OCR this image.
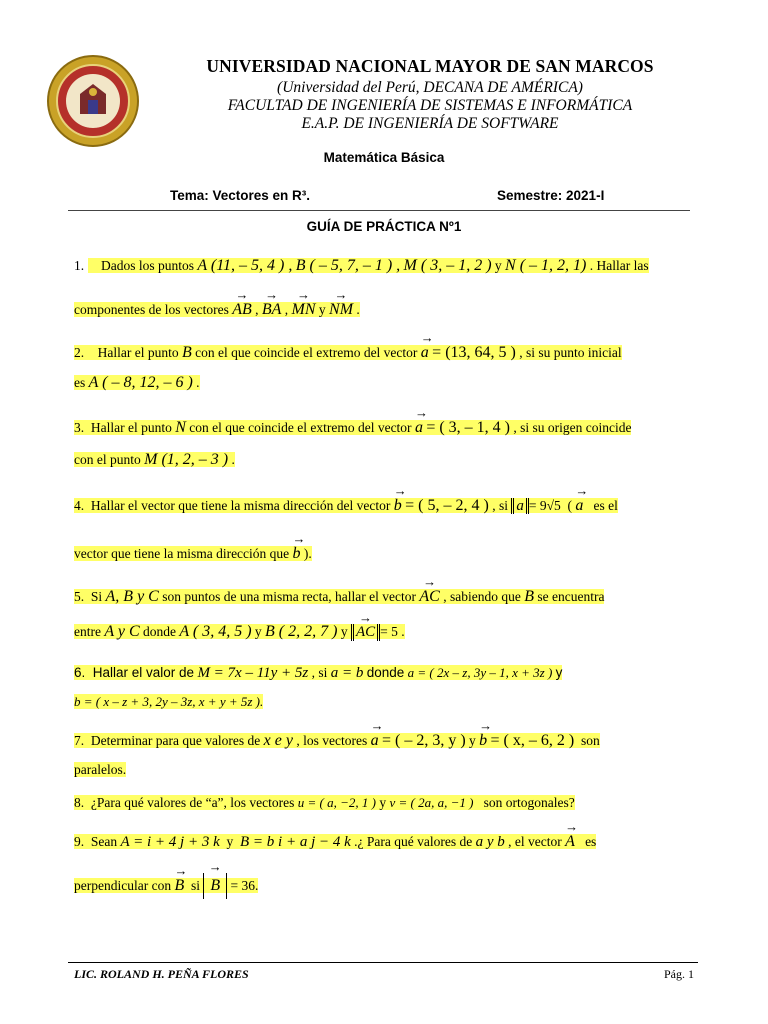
UNIVERSIDAD NACIONAL MAYOR DE SAN MARCOS
(Universidad del Perú, DECANA DE AMÉRICA)
FACULTAD DE INGENIERÍA DE SISTEMAS E INFORMÁTICA
E.A.P. DE INGENIERÍA DE SOFTWARE
Matemática Básica
Tema: Vectores en R³.	Semestre: 2021-I
GUÍA DE PRÁCTICA Nº1
1. Dados los puntos A (11, – 5, 4 ) , B ( – 5, 7, – 1 ) , M ( 3, – 1, 2 ) y N ( – 1, 2, 1) . Hallar las
componentes de los vectores → AB , → BA , → MN y → NM .
2.    Hallar el punto B con el que coincide el extremo del vector → a = (13, 64, 5 ) , si su punto inicial
es A ( – 8, 12, – 6 ) .
3.  Hallar el punto N con el que coincide el extremo del vector → a = ( 3, – 1, 4 ) , si su origen coincide
con el punto M (1, 2, – 3 ) .
4.  Hallar el vector que tiene la misma dirección del vector → b = ( 5, – 2, 4 ) , si a = 9√5 ( → a es el
vector que tiene la misma dirección que → b ).
5.  Si A, B y C son puntos de una misma recta, hallar el vector → AC , sabiendo que B se encuentra
entre A y C donde A ( 3, 4, 5 ) y B ( 2, 2, 7 ) y → AC = 5 .
6.  Hallar el valor de M = 7x – 11y + 5z , si a = b donde a = ( 2x – z, 3y – 1, x + 3z ) y
b = ( x – z + 3, 2y – 3z, x + y + 5z ).
7.  Determinar para que valores de x e y , los vectores → a = ( – 2, 3, y ) y → b = ( x, – 6, 2 ) son
paralelos.
8.  ¿Para qué valores de “a”, los vectores u = ( a, −2, 1 ) y v = ( 2a, a, −1 ) son ortogonales?
9.  Sean A = i + 4 j + 3 k y B = b i + a j − 4 k .¿ Para qué valores de a y b , el vector → A es
perpendicular con → B si → B = 36.
LIC. ROLAND H. PEÑA FLORES	Pág. 1
